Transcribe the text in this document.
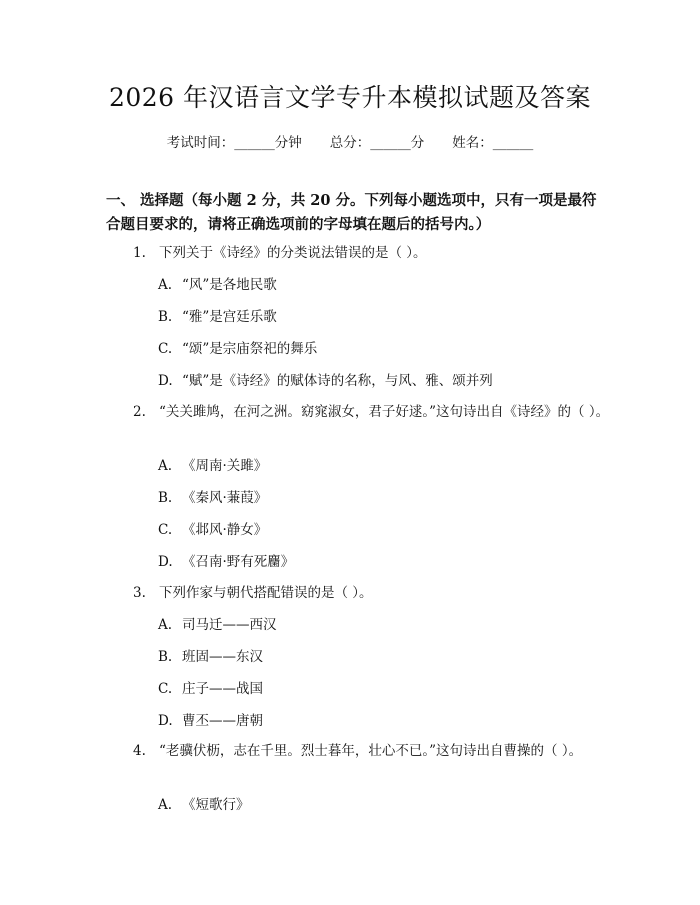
2026 年汉语言文学专升本模拟试题及答案
考试时间：______分钟 总分：______分 姓名：______
一、 选择题（每小题 2 分，共 20 分。下列每小题选项中，只有一项是最符合题目要求的，请将正确选项前的字母填在题后的括号内。）
1. 下列关于《诗经》的分类说法错误的是（ ）。
A. “风”是各地民歌
B. “雅”是宫廷乐歌
C. “颂”是宗庙祭祀的舞乐
D. “赋”是《诗经》的赋体诗的名称，与风、雅、颂并列
2. “关关雎鸠，在河之洲。窈窕淑女，君子好逑。”这句诗出自《诗经》的（ ）。
A. 《周南·关雎》
B. 《秦风·蒹葭》
C. 《邶风·静女》
D. 《召南·野有死麕》
3. 下列作家与朝代搭配错误的是（ ）。
A. 司马迁——西汉
B. 班固——东汉
C. 庄子——战国
D. 曹丕——唐朝
4. “老骥伏枥，志在千里。烈士暮年，壮心不已。”这句诗出自曹操的（ ）。
A. 《短歌行》
